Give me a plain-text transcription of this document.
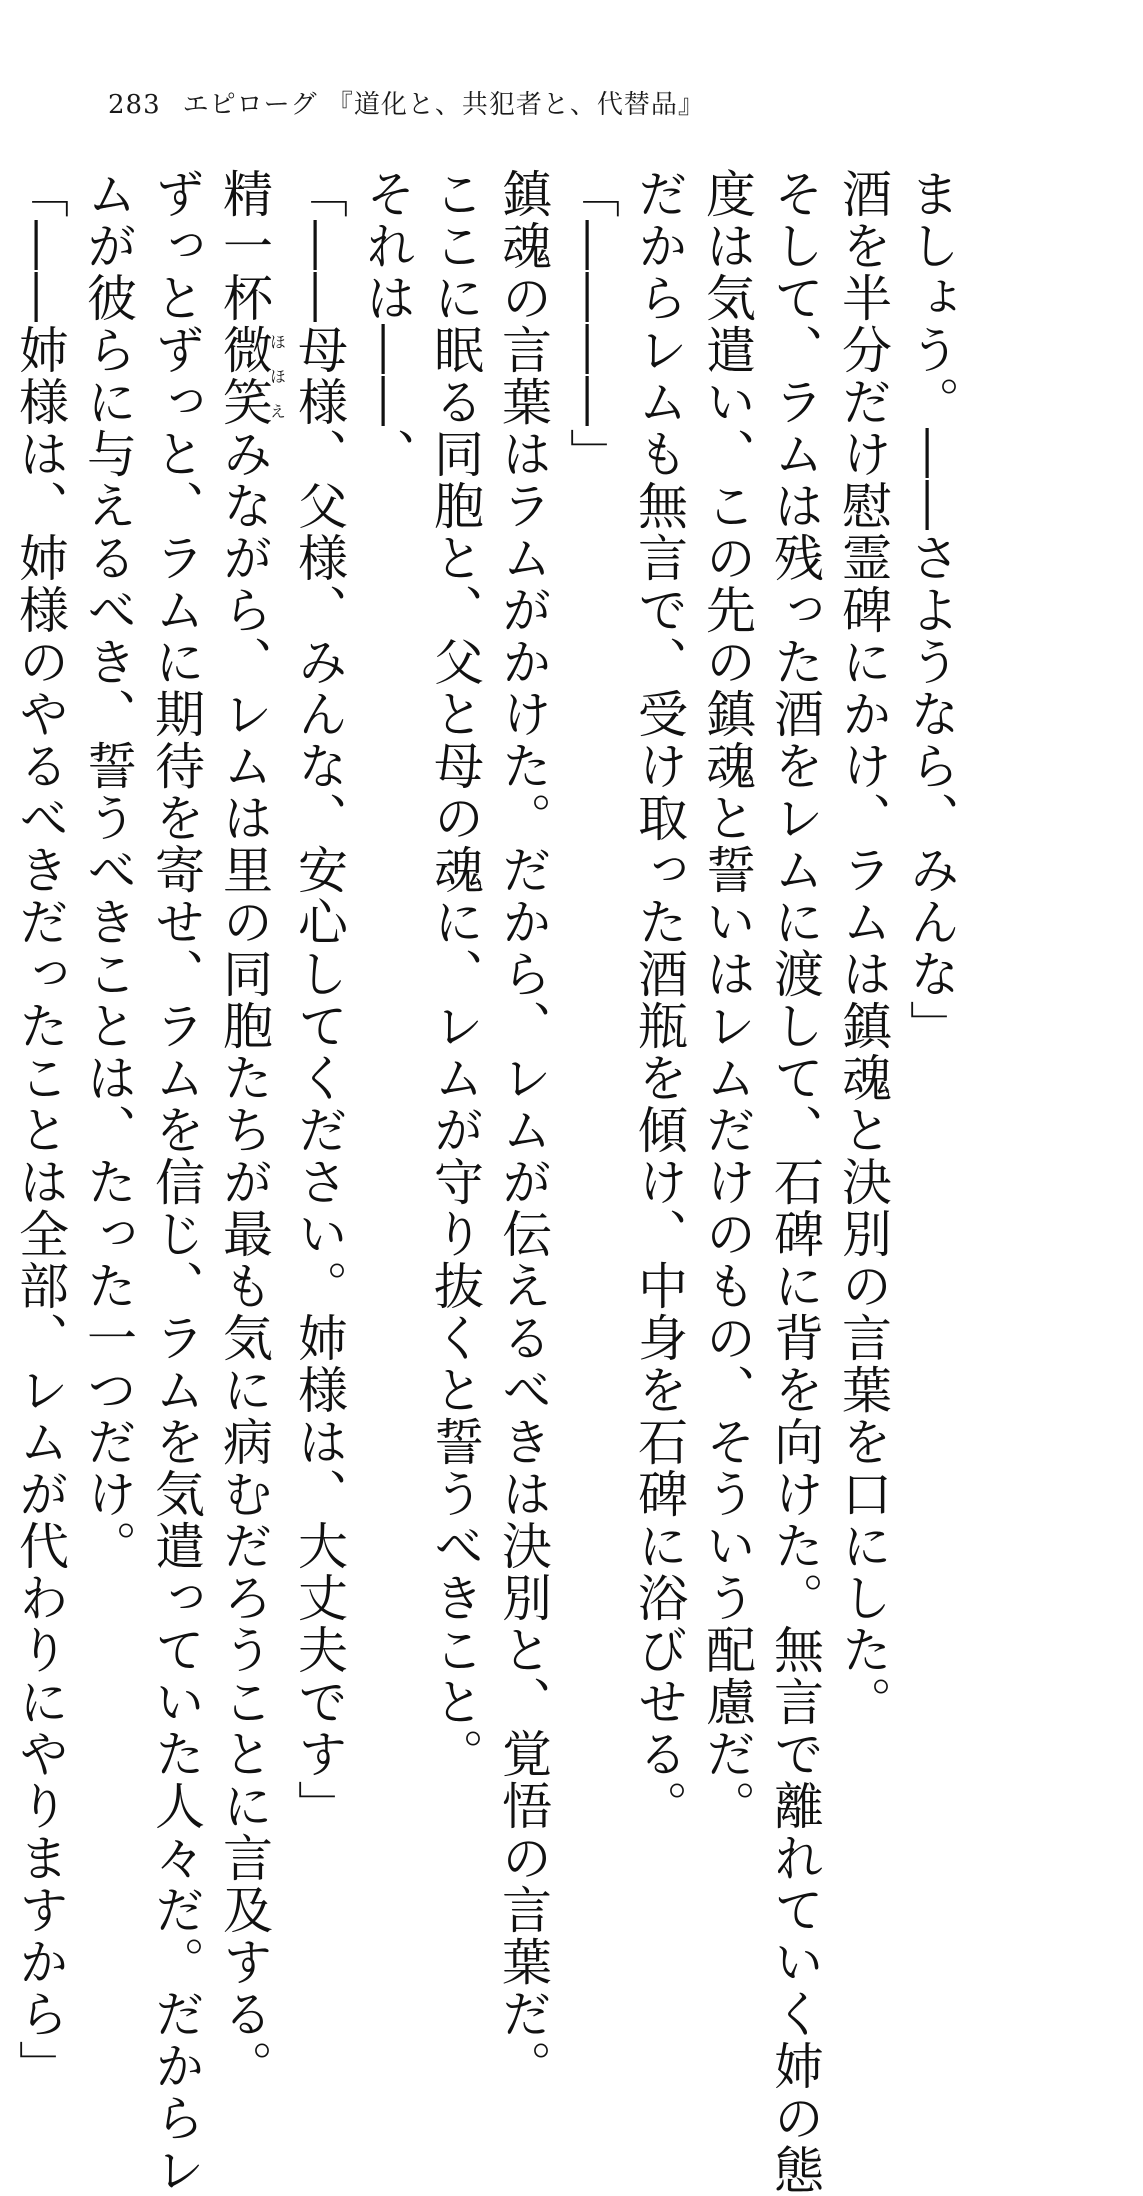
283 エピローグ 『道化と、共犯者と、代替品』
ましょう。――さようなら、みんな」
酒を半分だけ慰霊碑にかけ、ラムは鎮魂と決別の言葉を口にした。
そして、ラムは残った酒をレムに渡して、石碑に背を向けた。無言で離れていく姉の態
度は気遣い、この先の鎮魂と誓いはレムだけのもの、そういう配慮だ。
だからレムも無言で、受け取った酒瓶を傾け、中身を石碑に浴びせる。
「――――」
鎮魂の言葉はラムがかけた。だから、レムが伝えるべきは決別と、覚悟の言葉だ。
ここに眠る同胞と、父と母の魂に、レムが守り抜くと誓うべきこと。
それは――、
「――母様、父様、みんな、安心してください。姉様は、大丈夫です」
精一杯微笑ほほえみながら、レムは里の同胞たちが最も気に病むだろうことに言及する。
ずっとずっと、ラムに期待を寄せ、ラムを信じ、ラムを気遣っていた人々だ。だからレ
ムが彼らに与えるべき、誓うべきことは、たった一つだけ。
「――姉様は、姉様のやるべきだったことは全部、レムが代わりにやりますから」
